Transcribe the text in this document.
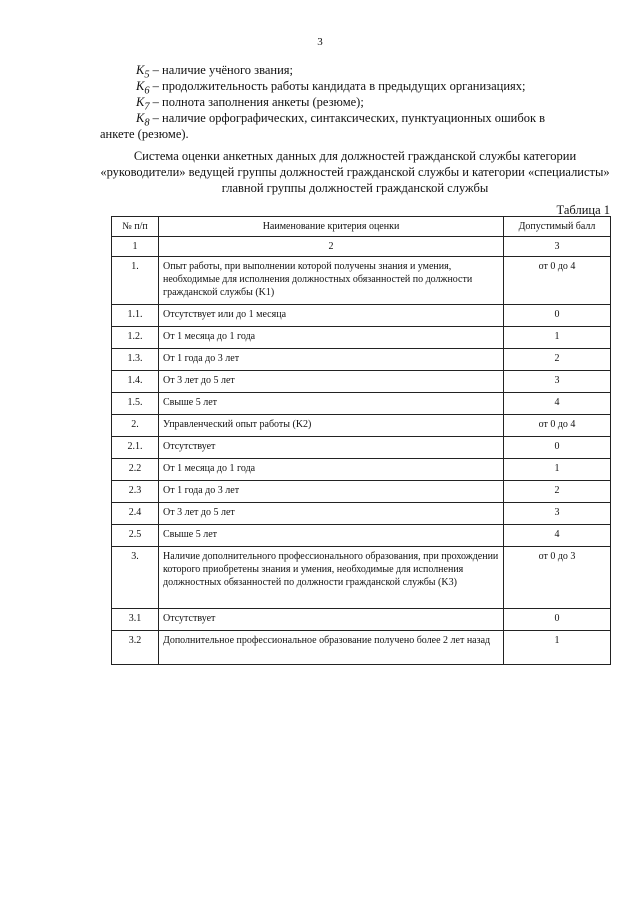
3
$K_5$ – наличие учёного звания;
$K_6$ – продолжительность работы кандидата в предыдущих организациях;
$K_7$ – полнота заполнения анкеты (резюме);
$K_8$ – наличие орфографических, синтаксических, пунктуационных ошибок в
анкете (резюме).
Система оценки анкетных данных для должностей гражданской службы категории «руководители» ведущей группы должностей гражданской службы и категории «специалисты» главной группы должностей гражданской службы
Таблица 1
№ п/п	Наименование критерия оценки	Допустимый балл
1	2	3
1.	Опыт работы, при выполнении которой получены знания и умения, необходимые для исполнения должностных обязанностей по должности гражданской службы (K1)	от 0 до 4
1.1.	Отсутствует или до 1 месяца	0
1.2.	От 1 месяца до 1 года	1
1.3.	От 1 года до 3 лет	2
1.4.	От 3 лет до 5 лет	3
1.5.	Свыше 5 лет	4
2.	Управленческий опыт работы (K2)	от 0 до 4
2.1.	Отсутствует	0
2.2	От 1 месяца до 1 года	1
2.3	От 1 года до 3 лет	2
2.4	От 3 лет до 5 лет	3
2.5	Свыше 5 лет	4
3.	Наличие дополнительного профессионального образования, при прохождении которого приобретены знания и умения, необходимые для исполнения должностных обязанностей по должности гражданской службы (K3)	от 0 до 3
3.1	Отсутствует	0
3.2	Дополнительное профессиональное образование получено более 2 лет назад	1
